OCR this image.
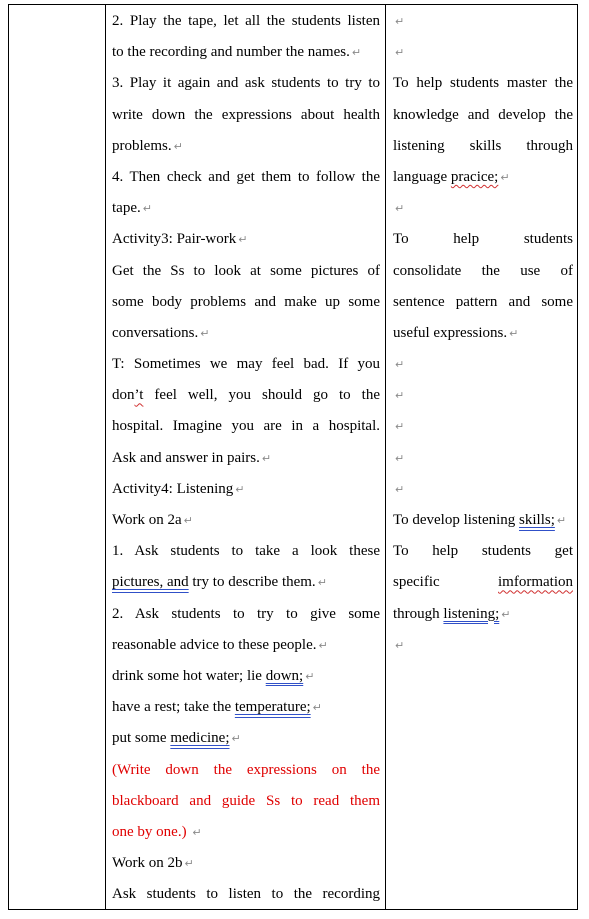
2. Play the tape, let all the students listen
to the recording and number the names. ↵
3. Play it again and ask students to try to
write down the expressions about health
problems. ↵
4. Then check and get them to follow the
tape. ↵
Activity3: Pair-work ↵
Get the Ss to look at some pictures of
some body problems and make up some
conversations. ↵
T: Sometimes we may feel bad. If you
don’t feel well, you should go to the
hospital. Imagine you are in a hospital.
Ask and answer in pairs. ↵
Activity4: Listening ↵
Work on 2a ↵
1. Ask students to take a look these
pictures, and try to describe them. ↵
2. Ask students to try to give some
reasonable advice to these people. ↵
drink some hot water; lie down; ↵
have a rest; take the temperature; ↵
put some medicine; ↵
(Write down the expressions on the
blackboard and guide Ss to read them
one by one.) ↵
Work on 2b ↵
Ask students to listen to the recording
↵
↵
To help students master the
knowledge and develop the
listening skills through
language pracice; ↵
↵
To help students
consolidate the use of
sentence pattern and some
useful expressions. ↵
↵
↵
↵
↵
↵
To develop listening skills; ↵
To help students get
specific	imformation
through listening; ↵
↵
